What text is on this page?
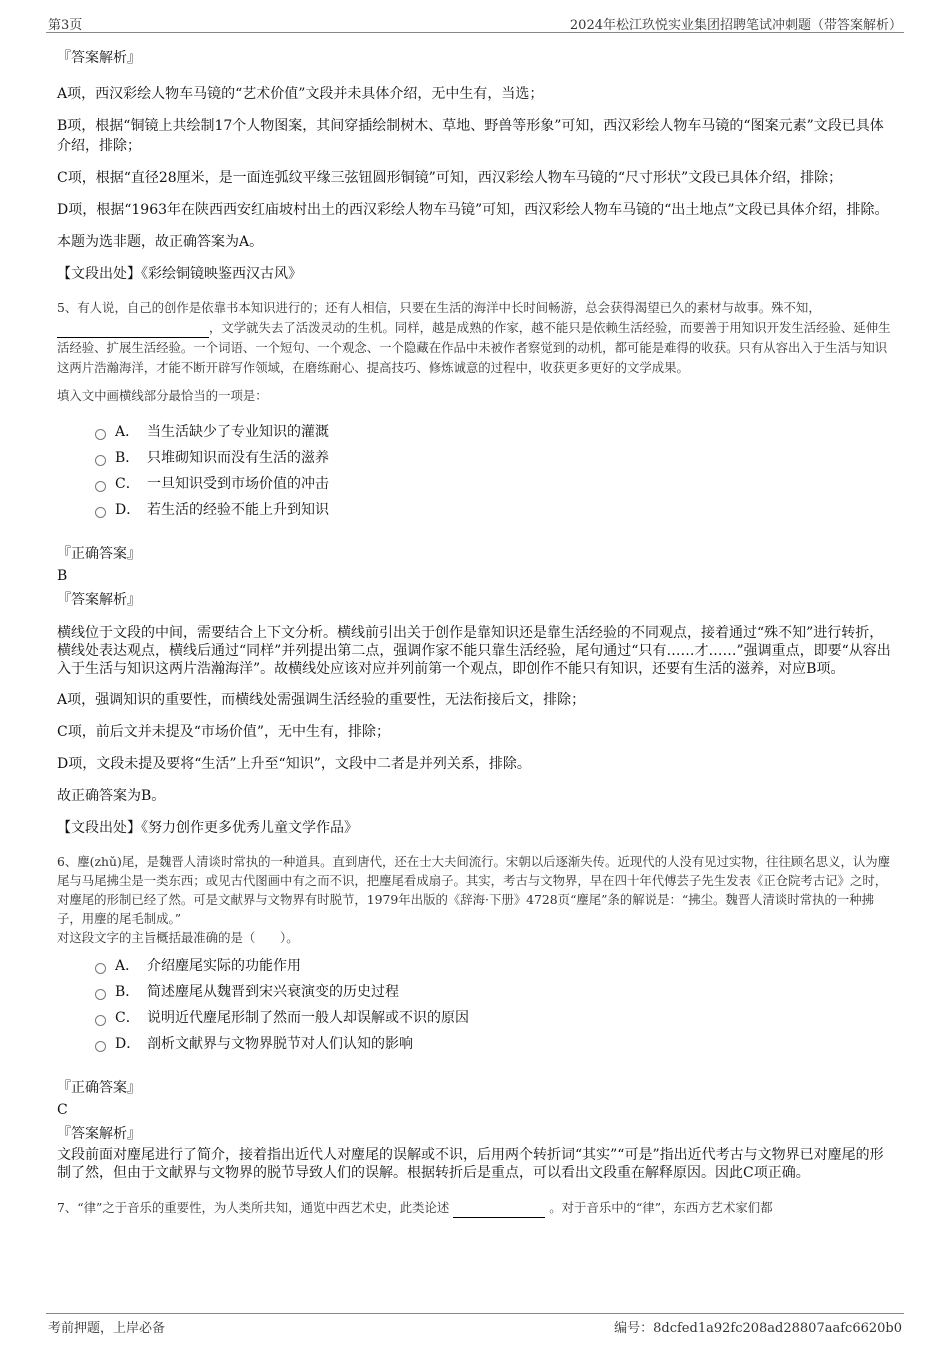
第3页	2024年松江玖悦实业集团招聘笔试冲刺题（带答案解析）

『答案解析』

A项，西汉彩绘人物车马镜的“艺术价值”文段并未具体介绍，无中生有，当选；

B项，根据“铜镜上共绘制17个人物图案，其间穿插绘制树木、草地、野兽等形象”可知，西汉彩绘人物车马镜的“图案元素”文段已具体介绍，排除；

C项，根据“直径28厘米，是一面连弧纹平缘三弦钮圆形铜镜”可知，西汉彩绘人物车马镜的“尺寸形状”文段已具体介绍，排除；

D项，根据“1963年在陕西西安红庙坡村出土的西汉彩绘人物车马镜”可知，西汉彩绘人物车马镜的“出土地点”文段已具体介绍，排除。

本题为选非题，故正确答案为A。

【文段出处】《彩绘铜镜映鉴西汉古风》

5、有人说，自己的创作是依靠书本知识进行的；还有人相信，只要在生活的海洋中长时间畅游，总会获得渴望已久的素材与故事。殊不知，，文学就失去了活泼灵动的生机。同样，越是成熟的作家，越不能只是依赖生活经验，而要善于用知识开发生活经验、延伸生活经验、扩展生活经验。一个词语、一个短句、一个观念、一个隐藏在作品中未被作者察觉到的动机，都可能是难得的收获。只有从容出入于生活与知识这两片浩瀚海洋，才能不断开辟写作领域，在磨练耐心、提高技巧、修炼诚意的过程中，收获更多更好的文学成果。

填入文中画横线部分最恰当的一项是：

A． 当生活缺少了专业知识的灌溉
B． 只堆砌知识而没有生活的滋养
C． 一旦知识受到市场价值的冲击
D． 若生活的经验不能上升到知识

『正确答案』

B

『答案解析』

横线位于文段的中间，需要结合上下文分析。横线前引出关于创作是靠知识还是靠生活经验的不同观点，接着通过“殊不知”进行转折，横线处表达观点，横线后通过“同样”并列提出第二点，强调作家不能只靠生活经验，尾句通过“只有……才……”强调重点，即要“从容出入于生活与知识这两片浩瀚海洋”。故横线处应该对应并列前第一个观点，即创作不能只有知识，还要有生活的滋养，对应B项。

A项，强调知识的重要性，而横线处需强调生活经验的重要性，无法衔接后文，排除；

C项，前后文并未提及“市场价值”，无中生有，排除；

D项，文段未提及要将“生活”上升至“知识”，文段中二者是并列关系，排除。

故正确答案为B。

【文段出处】《努力创作更多优秀儿童文学作品》

6、麈(zhǔ)尾，是魏晋人清谈时常执的一种道具。直到唐代，还在士大夫间流行。宋朝以后逐渐失传。近现代的人没有见过实物，往往顾名思义，认为麈尾与马尾拂尘是一类东西；或见古代图画中有之而不识，把麈尾看成扇子。其实，考古与文物界，早在四十年代傅芸子先生发表《正仓院考古记》之时，对麈尾的形制已经了然。可是文献界与文物界有时脱节，1979年出版的《辞海·下册》4728页“麈尾”条的解说是：“拂尘。魏晋人清谈时常执的一种拂子，用麈的尾毛制成。”

对这段文字的主旨概括最准确的是（　　）。

A． 介绍麈尾实际的功能作用
B． 简述麈尾从魏晋到宋兴衰演变的历史过程
C． 说明近代麈尾形制了然而一般人却误解或不识的原因
D． 剖析文献界与文物界脱节对人们认知的影响

『正确答案』

C

『答案解析』

文段前面对麈尾进行了简介，接着指出近代人对麈尾的误解或不识，后用两个转折词“其实”“可是”指出近代考古与文物界已对麈尾的形制了然，但由于文献界与文物界的脱节导致人们的误解。根据转折后是重点，可以看出文段重在解释原因。因此C项正确。

7、“律”之于音乐的重要性，为人类所共知，通览中西艺术史，此类论述	。对于音乐中的“律”，东西方艺术家们都

考前押题，上岸必备	编号：8dcfed1a92fc208ad28807aafc6620b0
